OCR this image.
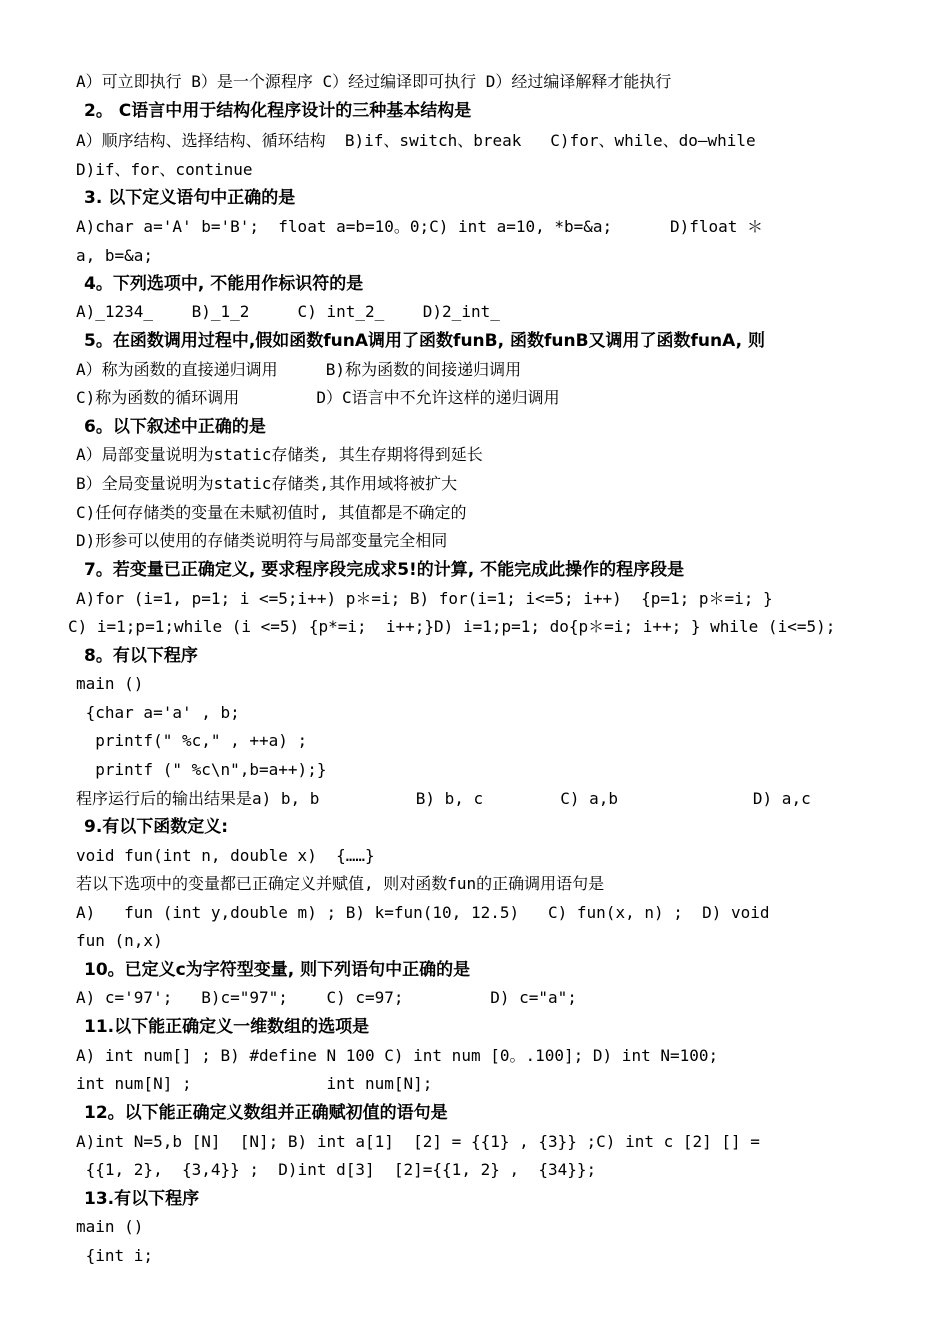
A）可立即执行 B）是一个源程序 C）经过编译即可执行 D）经过编译解释才能执行
2。 C语言中用于结构化程序设计的三种基本结构是
A）顺序结构、选择结构、循环结构  B)if、switch、break   C)for、while、do—while
D)if、for、continue
3. 以下定义语句中正确的是
A)char a='A' b='B';  float a=b=10。0;C) int a=10, *b=&a;      D)float ＊
a, b=&a;
4。下列选项中, 不能用作标识符的是
A)_1234_    B)_1_2     C) int_2_    D)2_int_
5。在函数调用过程中,假如函数funA调用了函数funB, 函数funB又调用了函数funA, 则
A）称为函数的直接递归调用     B)称为函数的间接递归调用
C)称为函数的循环调用        D）C语言中不允许这样的递归调用
6。以下叙述中正确的是
A）局部变量说明为static存储类, 其生存期将得到延长
B）全局变量说明为static存储类,其作用域将被扩大
C)任何存储类的变量在未赋初值时, 其值都是不确定的
D)形参可以使用的存储类说明符与局部变量完全相同
7。若变量已正确定义, 要求程序段完成求5!的计算, 不能完成此操作的程序段是
A)for (i=1, p=1; i <=5;i++) p＊=i; B) for(i=1; i<=5; i++)  {p=1; p＊=i; }
C) i=1;p=1;while (i <=5) {p*=i;  i++;}D) i=1;p=1; do{p＊=i; i++; } while (i<=5);
8。有以下程序
main ()
{char a='a' , b;
printf(" %c," , ++a) ;
printf (" %c\n",b=a++);}
程序运行后的输出结果是a) b, b          B) b, c        C) a,b              D) a,c
9.有以下函数定义:
void fun(int n, double x)  {……}
若以下选项中的变量都已正确定义并赋值, 则对函数fun的正确调用语句是
A)   fun (int y,double m) ; B) k=fun(10, 12.5)   C) fun(x, n) ;  D) void
fun (n,x)
10。已定义c为字符型变量, 则下列语句中正确的是
A) c='97';   B)c="97";    C) c=97;         D) c="a";
11.以下能正确定义一维数组的选项是
A) int num[] ; B) #define N 100 C) int num [0。.100]; D) int N=100;
int num[N] ;              int num[N];
12。以下能正确定义数组并正确赋初值的语句是
A)int N=5,b [N]  [N]; B) int a[1]  [2] = {{1} , {3}} ;C) int c [2] [] =
{{1, 2},  {3,4}} ;  D)int d[3]  [2]={{1, 2} ,  {34}};
13.有以下程序
main ()
{int i;
